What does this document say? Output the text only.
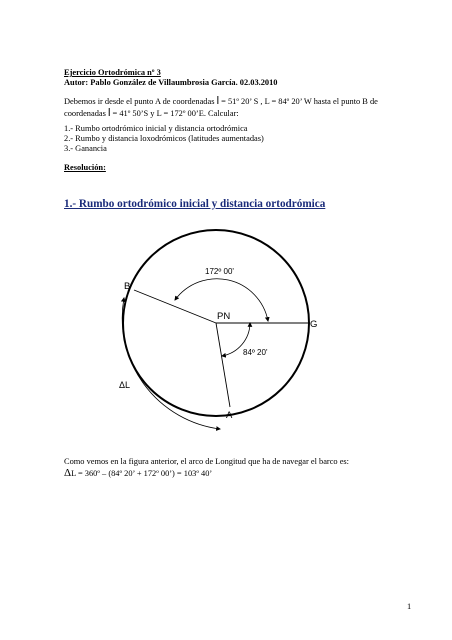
Ejercicio Ortodrómica nº 3
Autor: Pablo González de Villaumbrosia García. 02.03.2010
Debemos ir desde el punto A de coordenadas l = 51º 20’ S , L = 84º 20’ W hasta el punto B de
coordenadas l = 41º 50’S y L = 172º 00’E. Calcular:
1.- Rumbo ortodrómico inicial y distancia ortodrómica
2.- Rumbo y distancia loxodrómicos (latitudes aumentadas)
3.- Ganancia
Resolución:
1.- Rumbo ortodrómico inicial y distancia ortodrómica
B
G
PN
A
172º 00'
84º 20'
ΔL
Como vemos en la figura anterior, el arco de Longitud que ha de navegar el barco es:
ΔL = 360º – (84º 20’ + 172º 00’) = 103º 40’
1
